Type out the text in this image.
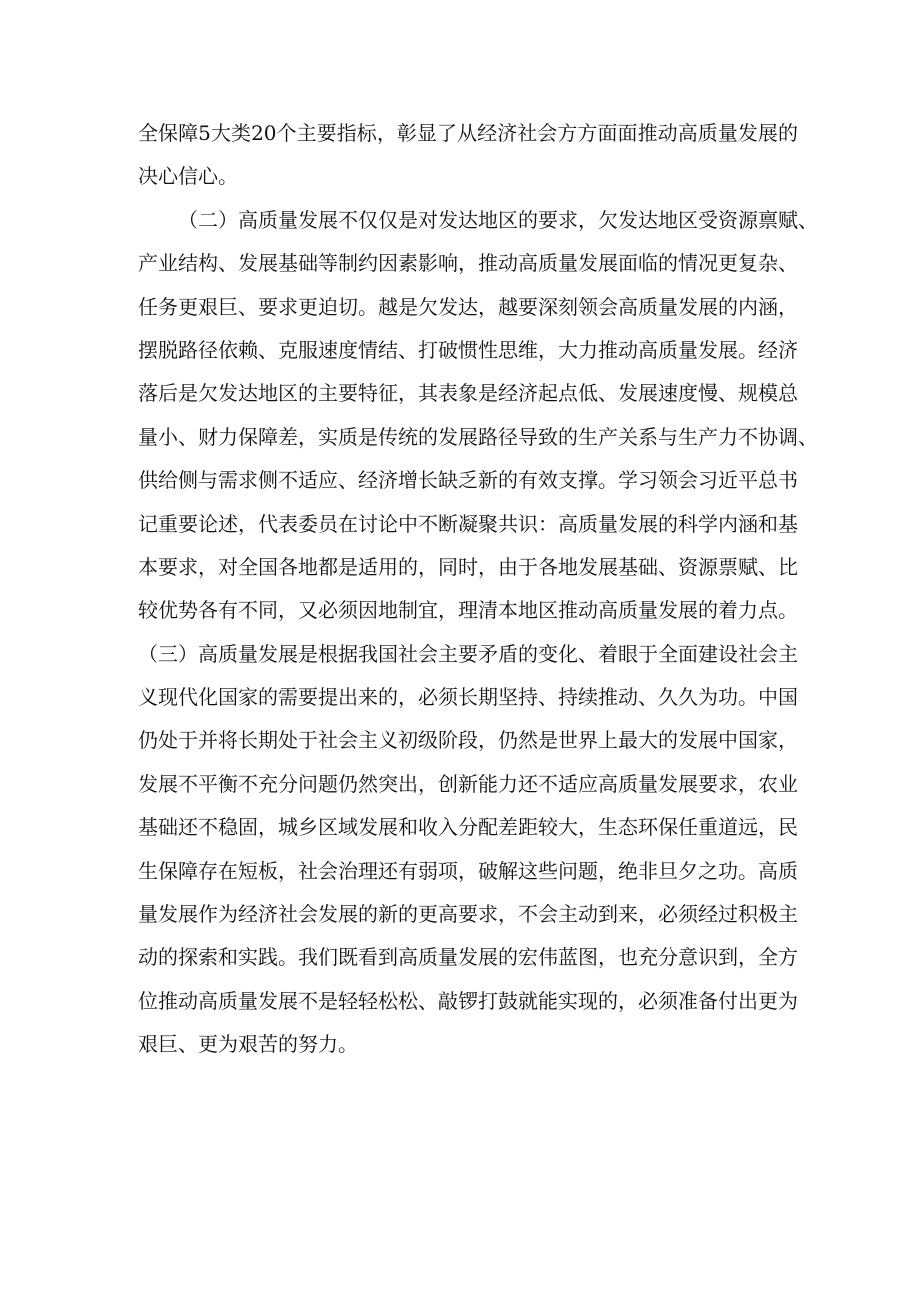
全保障5大类20个主要指标，彰显了从经济社会方方面面推动高质量发展的
决心信心。
（二）高质量发展不仅仅是对发达地区的要求，欠发达地区受资源禀赋、
产业结构、发展基础等制约因素影响，推动高质量发展面临的情况更复杂、
任务更艰巨、要求更迫切。越是欠发达，越要深刻领会高质量发展的内涵，
摆脱路径依赖、克服速度情结、打破惯性思维，大力推动高质量发展。经济
落后是欠发达地区的主要特征，其表象是经济起点低、发展速度慢、规模总
量小、财力保障差，实质是传统的发展路径导致的生产关系与生产力不协调、
供给侧与需求侧不适应、经济增长缺乏新的有效支撑。学习领会习近平总书
记重要论述，代表委员在讨论中不断凝聚共识：高质量发展的科学内涵和基
本要求，对全国各地都是适用的，同时，由于各地发展基础、资源票赋、比
较优势各有不同，又必须因地制宜，理清本地区推动高质量发展的着力点。
（三）高质量发展是根据我国社会主要矛盾的变化、着眼于全面建设社会主
义现代化国家的需要提出来的，必须长期坚持、持续推动、久久为功。中国
仍处于并将长期处于社会主义初级阶段，仍然是世界上最大的发展中国家，
发展不平衡不充分问题仍然突出，创新能力还不适应高质量发展要求，农业
基础还不稳固，城乡区域发展和收入分配差距较大，生态环保任重道远，民
生保障存在短板，社会治理还有弱项，破解这些问题，绝非旦夕之功。高质
量发展作为经济社会发展的新的更高要求，不会主动到来，必须经过积极主
动的探索和实践。我们既看到高质量发展的宏伟蓝图，也充分意识到，全方
位推动高质量发展不是轻轻松松、敲锣打鼓就能实现的，必须准备付出更为
艰巨、更为艰苦的努力。
